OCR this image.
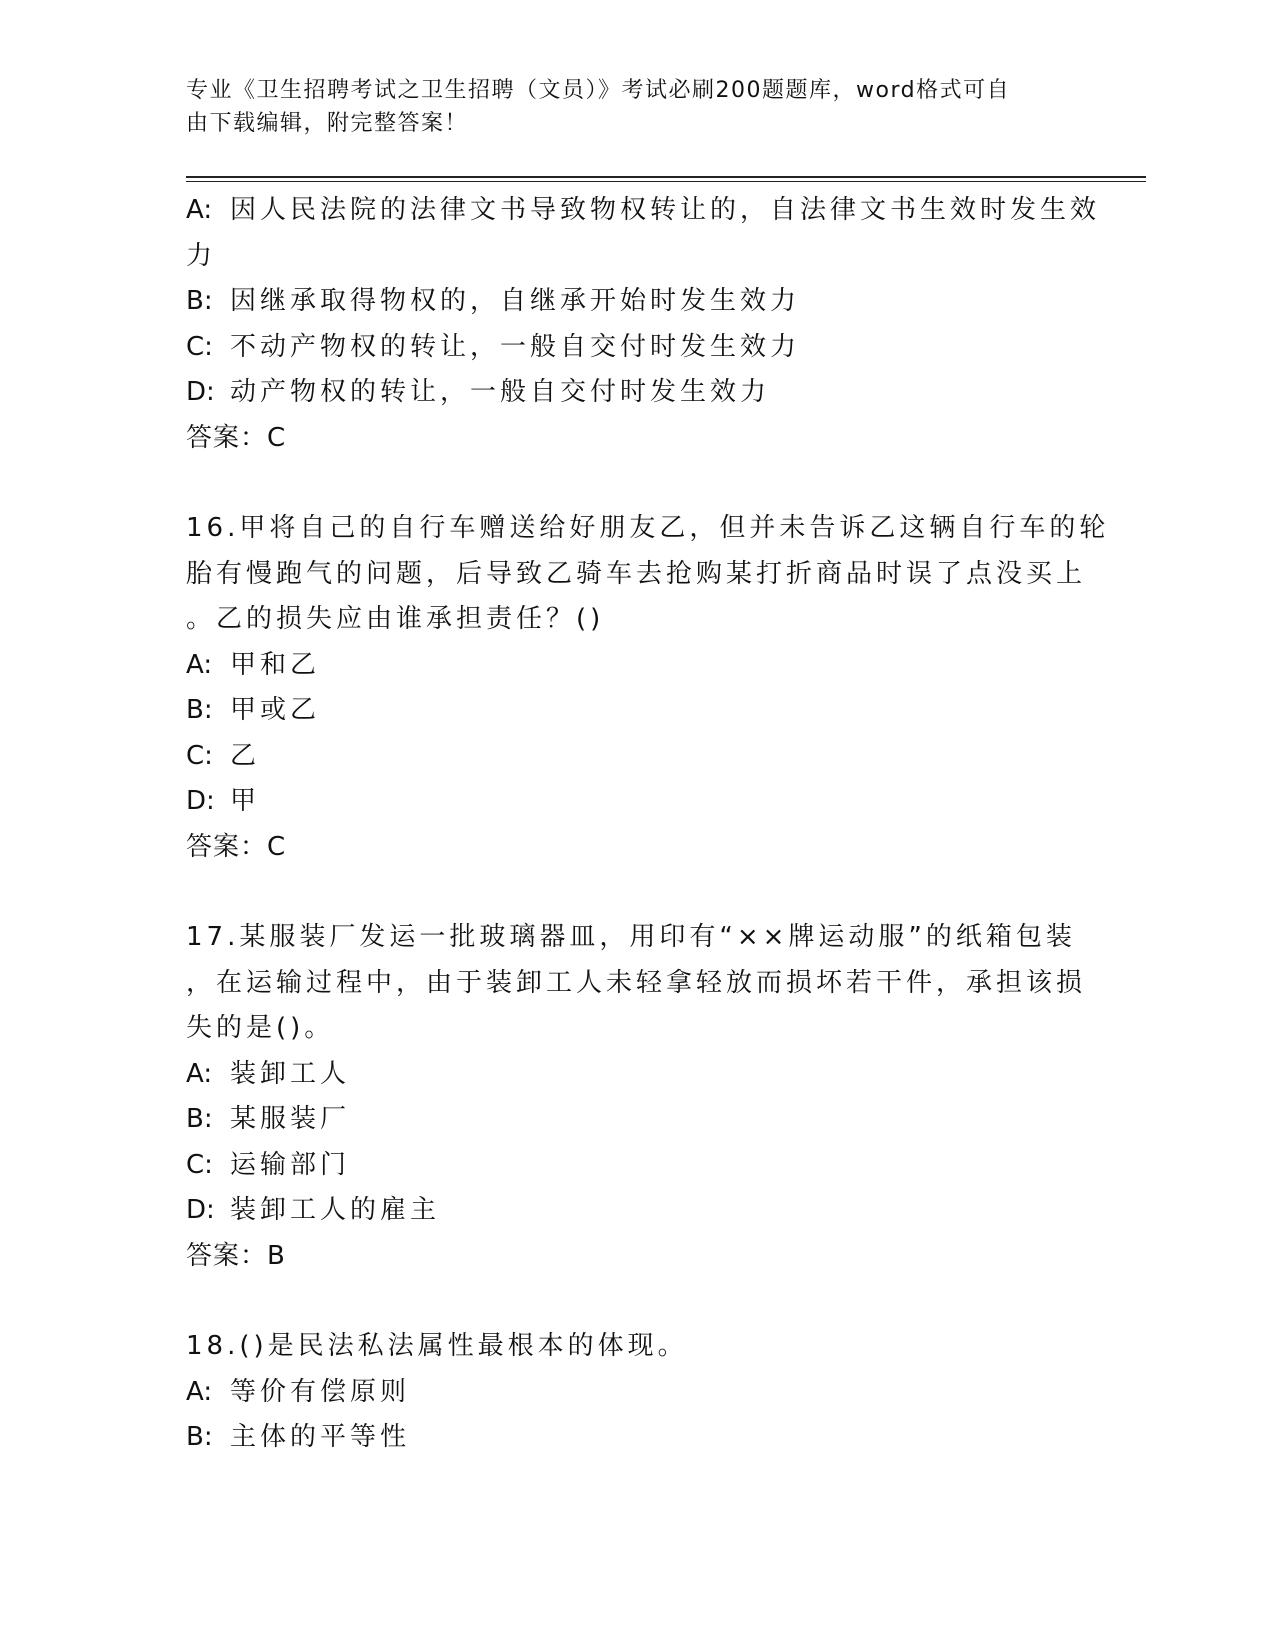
专业《卫生招聘考试之卫生招聘（文员）》考试必刷200题题库，word格式可自
由下载编辑，附完整答案！
A: 因人民法院的法律文书导致物权转让的，自法律文书生效时发生效
力
B: 因继承取得物权的，自继承开始时发生效力
C: 不动产物权的转让，一般自交付时发生效力
D: 动产物权的转让，一般自交付时发生效力
答案：C
16.甲将自己的自行车赠送给好朋友乙，但并未告诉乙这辆自行车的轮
胎有慢跑气的问题，后导致乙骑车去抢购某打折商品时误了点没买上
。乙的损失应由谁承担责任？()
A: 甲和乙
B: 甲或乙
C: 乙
D: 甲
答案：C
17.某服装厂发运一批玻璃器皿，用印有“××牌运动服”的纸箱包装
，在运输过程中，由于装卸工人未轻拿轻放而损坏若干件，承担该损
失的是()。
A: 装卸工人
B: 某服装厂
C: 运输部门
D: 装卸工人的雇主
答案：B
18.()是民法私法属性最根本的体现。
A: 等价有偿原则
B: 主体的平等性
